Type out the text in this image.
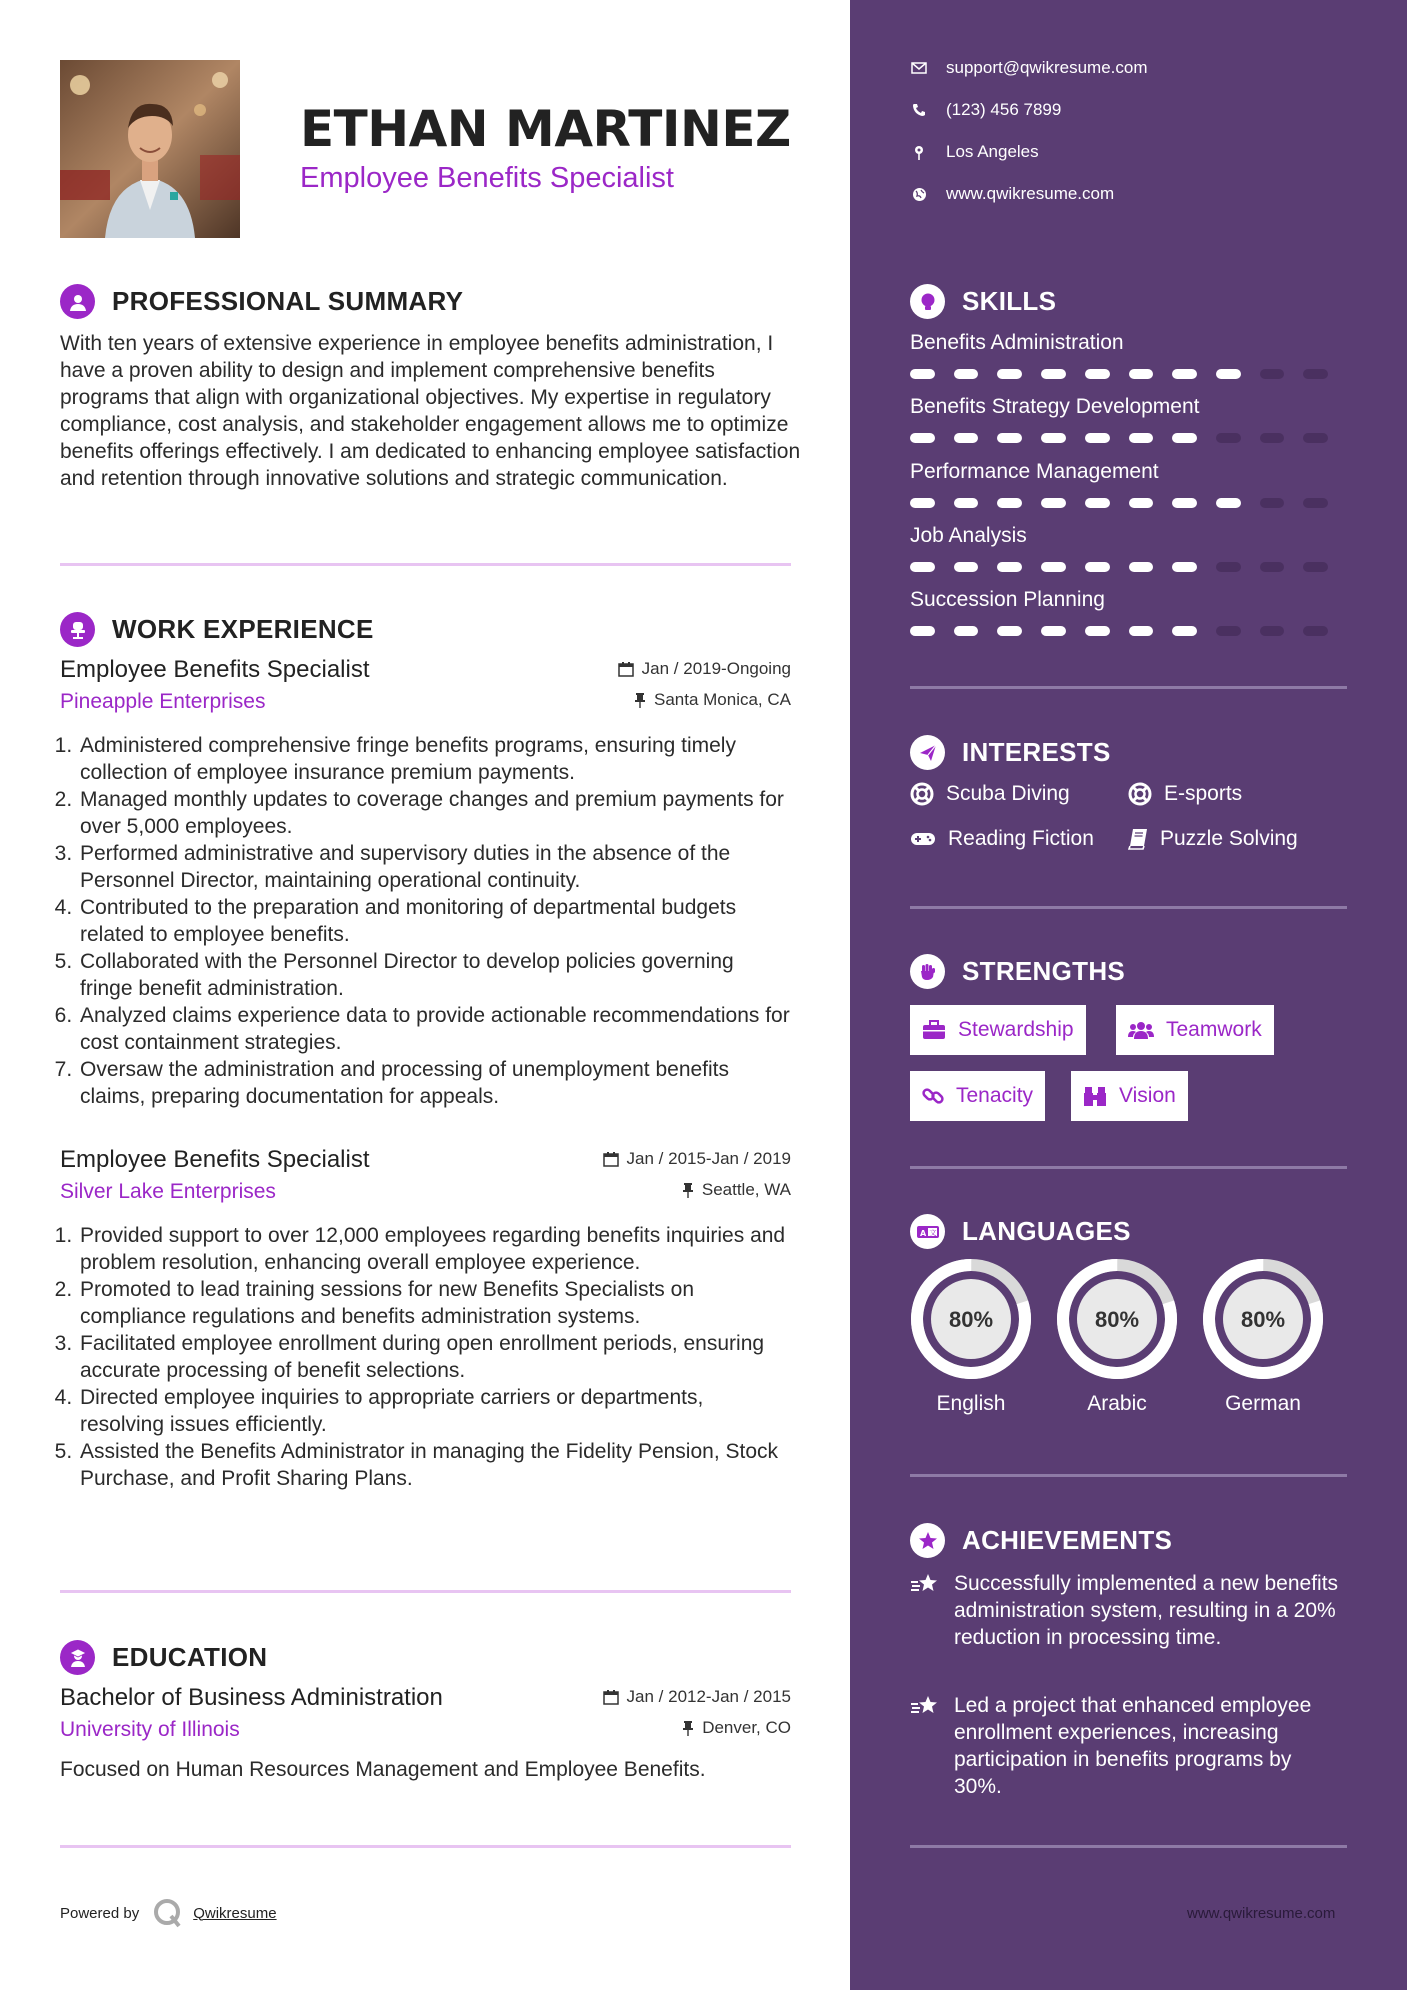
ETHAN MARTINEZ
Employee Benefits Specialist
PROFESSIONAL SUMMARY
With ten years of extensive experience in employee benefits administration, I have a proven ability to design and implement comprehensive benefits programs that align with organizational objectives. My expertise in regulatory compliance, cost analysis, and stakeholder engagement allows me to optimize benefits offerings effectively. I am dedicated to enhancing employee satisfaction and retention through innovative solutions and strategic communication.
WORK EXPERIENCE
Employee Benefits Specialist	Jan / 2019-Ongoing
Pineapple Enterprises	Santa Monica, CA
1. Administered comprehensive fringe benefits programs, ensuring timely collection of employee insurance premium payments.
2. Managed monthly updates to coverage changes and premium payments for over 5,000 employees.
3. Performed administrative and supervisory duties in the absence of the Personnel Director, maintaining operational continuity.
4. Contributed to the preparation and monitoring of departmental budgets related to employee benefits.
5. Collaborated with the Personnel Director to develop policies governing fringe benefit administration.
6. Analyzed claims experience data to provide actionable recommendations for cost containment strategies.
7. Oversaw the administration and processing of unemployment benefits claims, preparing documentation for appeals.
Employee Benefits Specialist	Jan / 2015-Jan / 2019
Silver Lake Enterprises	Seattle, WA
1. Provided support to over 12,000 employees regarding benefits inquiries and problem resolution, enhancing overall employee experience.
2. Promoted to lead training sessions for new Benefits Specialists on compliance regulations and benefits administration systems.
3. Facilitated employee enrollment during open enrollment periods, ensuring accurate processing of benefit selections.
4. Directed employee inquiries to appropriate carriers or departments, resolving issues efficiently.
5. Assisted the Benefits Administrator in managing the Fidelity Pension, Stock Purchase, and Profit Sharing Plans.
EDUCATION
Bachelor of Business Administration	Jan / 2012-Jan / 2015
University of Illinois	Denver, CO
Focused on Human Resources Management and Employee Benefits.
Powered by	Qwikresume
support@qwikresume.com
(123) 456 7899
Los Angeles
www.qwikresume.com
SKILLS
Benefits Administration
Benefits Strategy Development
Performance Management
Job Analysis
Succession Planning
INTERESTS
Scuba Diving	E-sports
Reading Fiction	Puzzle Solving
STRENGTHS
Stewardship	Teamwork
Tenacity	Vision
A 文 LANGUAGES
80%
English
80%
Arabic
80%
German
ACHIEVEMENTS
Successfully implemented a new benefits administration system, resulting in a 20% reduction in processing time.
Led a project that enhanced employee enrollment experiences, increasing participation in benefits programs by 30%.
www.qwikresume.com
